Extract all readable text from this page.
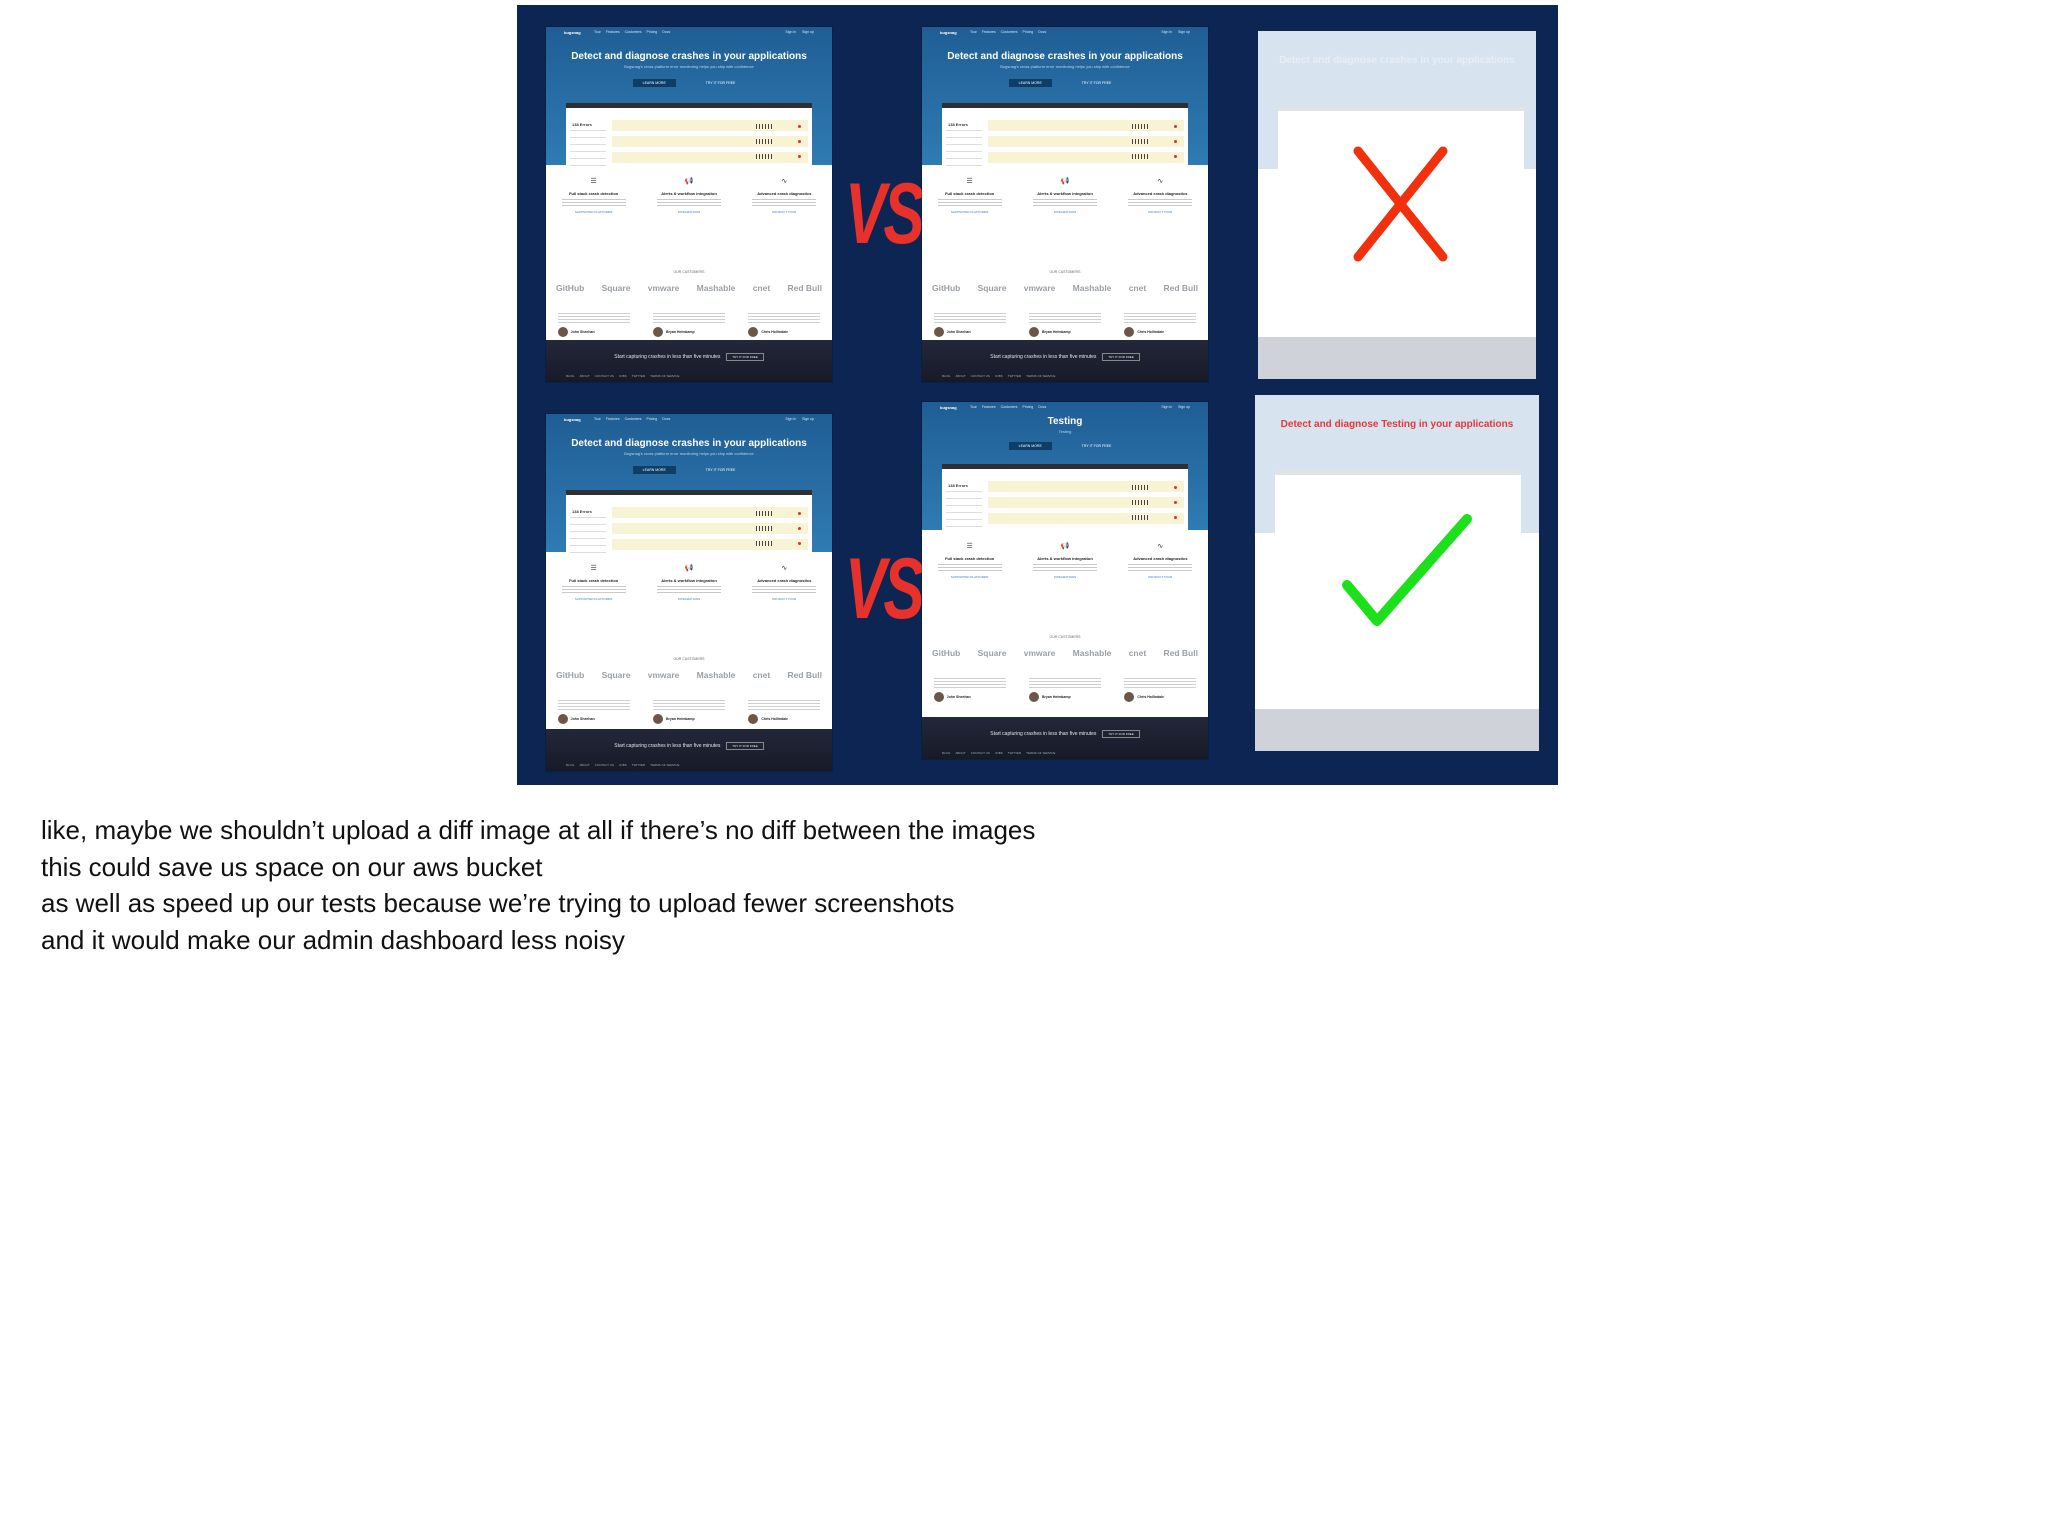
bugsnag	Tour Features Customers Pricing Docs	Sign in Sign up
Detect and diagnose crashes in your applications
Bugsnag's cross platform error monitoring helps you ship with confidence
LEARN MORE	TRY IT FOR FREE
138 Errors
☰
Full stack crash detection
SUPPORTED PLATFORMS
📢
Alerts & workflow integration
INTEGRATIONS
∿
Advanced crash diagnostics
PRODUCT TOUR
OUR CUSTOMERS
GitHub Square vmware Mashable cnet Red Bull
John Sheehan	Bryan Helmkamp	Chris Hollindale
Start capturing crashes in less than five minutes	TRY IT FOR FREE
BLOG ABOUT CONTACT US JOBS TWITTER TERMS OF SERVICE
VS
bugsnag	Tour Features Customers Pricing Docs	Sign in Sign up
Detect and diagnose crashes in your applications
Bugsnag's cross platform error monitoring helps you ship with confidence
LEARN MORE	TRY IT FOR FREE
138 Errors
☰
Full stack crash detection
SUPPORTED PLATFORMS
📢
Alerts & workflow integration
INTEGRATIONS
∿
Advanced crash diagnostics
PRODUCT TOUR
OUR CUSTOMERS
GitHub Square vmware Mashable cnet Red Bull
John Sheehan	Bryan Helmkamp	Chris Hollindale
Start capturing crashes in less than five minutes	TRY IT FOR FREE
BLOG ABOUT CONTACT US JOBS TWITTER TERMS OF SERVICE
Detect and diagnose crashes in your applications
bugsnag	Tour Features Customers Pricing Docs	Sign in Sign up
Detect and diagnose crashes in your applications
Bugsnag's cross platform error monitoring helps you ship with confidence
LEARN MORE	TRY IT FOR FREE
138 Errors
☰
Full stack crash detection
SUPPORTED PLATFORMS
📢
Alerts & workflow integration
INTEGRATIONS
∿
Advanced crash diagnostics
PRODUCT TOUR
OUR CUSTOMERS
GitHub Square vmware Mashable cnet Red Bull
John Sheehan	Bryan Helmkamp	Chris Hollindale
Start capturing crashes in less than five minutes	TRY IT FOR FREE
BLOG ABOUT CONTACT US JOBS TWITTER TERMS OF SERVICE
VS
bugsnag	Tour Features Customers Pricing Docs	Sign in Sign up
Testing
Testing
LEARN MORE	TRY IT FOR FREE
138 Errors
☰
Full stack crash detection
SUPPORTED PLATFORMS
📢
Alerts & workflow integration
INTEGRATIONS
∿
Advanced crash diagnostics
PRODUCT TOUR
OUR CUSTOMERS
GitHub Square vmware Mashable cnet Red Bull
John Sheehan	Bryan Helmkamp	Chris Hollindale
Start capturing crashes in less than five minutes	TRY IT FOR FREE
BLOG ABOUT CONTACT US JOBS TWITTER TERMS OF SERVICE
Detect and diagnose Testing in your applications
like, maybe we shouldn’t upload a diff image at all if there’s no diff between the images
this could save us space on our aws bucket
as well as speed up our tests because we’re trying to upload fewer screenshots
and it would make our admin dashboard less noisy
